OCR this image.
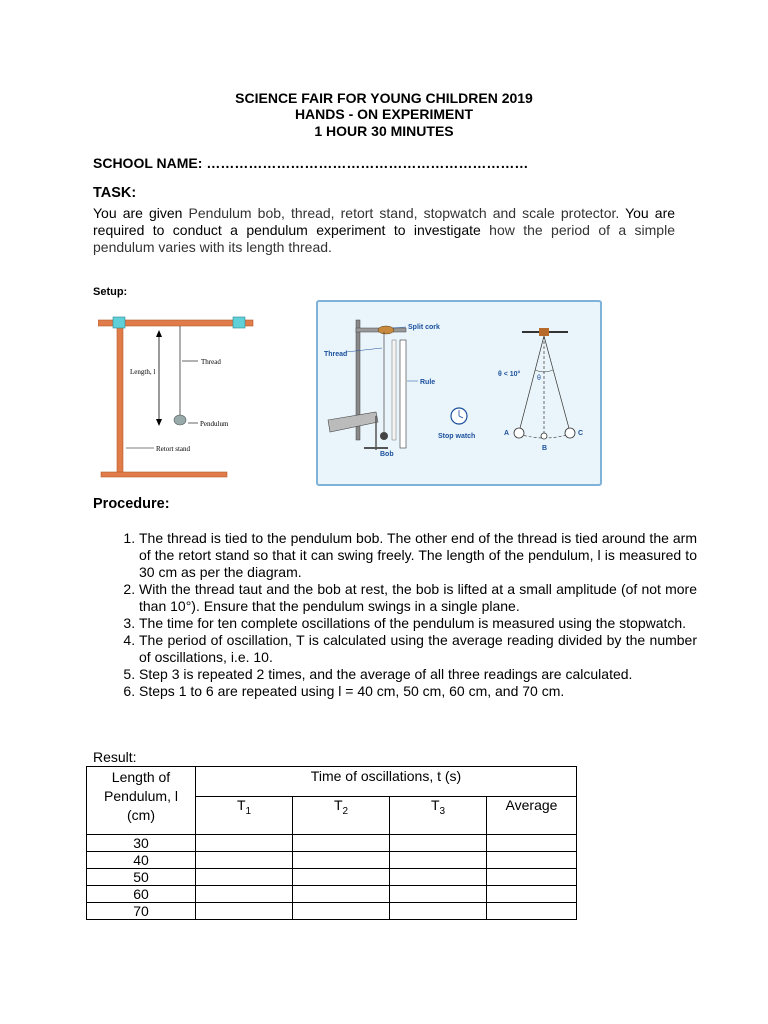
SCIENCE FAIR FOR YOUNG CHILDREN 2019
HANDS - ON EXPERIMENT
1 HOUR 30 MINUTES
SCHOOL NAME: ……………………………………………………………
TASK:
You are given Pendulum bob, thread, retort stand, stopwatch and scale protector. You are required to conduct a pendulum experiment to investigate how the period of a simple pendulum varies with its length thread.
Setup:
Thread
Length, l
Pendulum
Retort stand
Split cork
Thread
Rule
Bob
Stop watch
θ < 10°
θ
A
B
C
Procedure:
1. The thread is tied to the pendulum bob. The other end of the thread is tied around the arm of the retort stand so that it can swing freely. The length of the pendulum, l is measured to 30 cm as per the diagram.
2. With the thread taut and the bob at rest, the bob is lifted at a small amplitude (of not more than 10°). Ensure that the pendulum swings in a single plane.
3. The time for ten complete oscillations of the pendulum is measured using the stopwatch.
4. The period of oscillation, T is calculated using the average reading divided by the number of oscillations, i.e. 10.
5. Step 3 is repeated 2 times, and the average of all three readings are calculated.
6. Steps 1 to 6 are repeated using l = 40 cm, 50 cm, 60 cm, and 70 cm.
Result:
Length of Pendulum, l (cm)	Time of oscillations, t (s)			
	$T_1$	$T_2$	$T_3$	Average
30				
40				
50				
60				
70				
